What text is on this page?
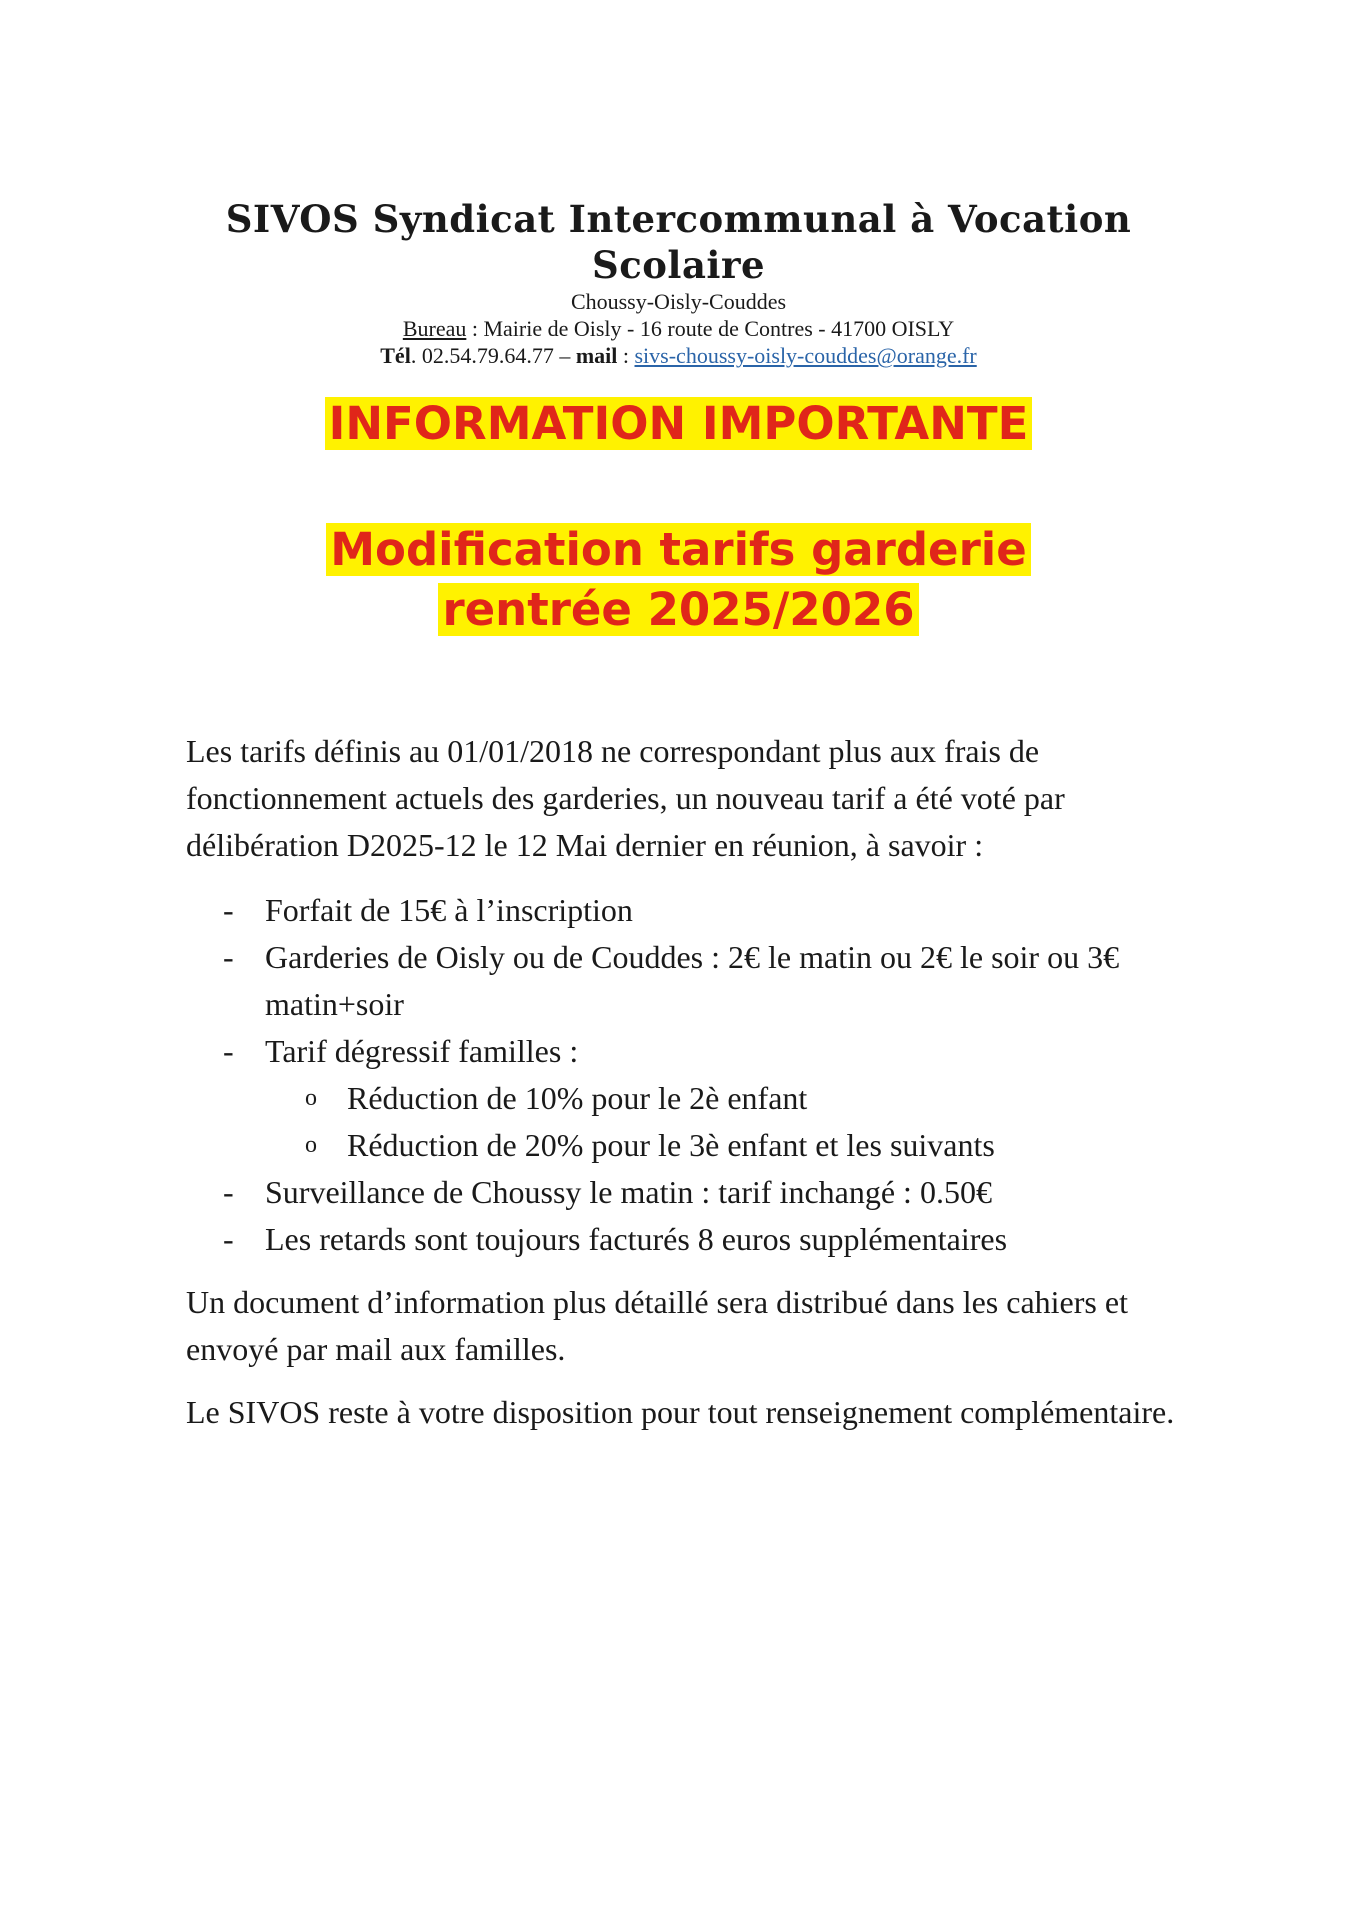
SIVOS Syndicat Intercommunal à Vocation
Scolaire
Choussy-Oisly-Couddes
Bureau : Mairie de Oisly - 16 route de Contres - 41700 OISLY
Tél. 02.54.79.64.77 – mail : sivs-choussy-oisly-couddes@orange.fr
INFORMATION IMPORTANTE
Modification tarifs garderie
rentrée 2025/2026

Les tarifs définis au 01/01/2018 ne correspondant plus aux frais de fonctionnement actuels des garderies, un nouveau tarif a été voté par délibération D2025-12 le 12 Mai dernier en réunion, à savoir :

- Forfait de 15€ à l’inscription
- Garderies de Oisly ou de Couddes : 2€ le matin ou 2€ le soir ou 3€ matin+soir
- Tarif dégressif familles :
o Réduction de 10% pour le 2è enfant
o Réduction de 20% pour le 3è enfant et les suivants
- Surveillance de Choussy le matin : tarif inchangé : 0.50€
- Les retards sont toujours facturés 8 euros supplémentaires

Un document d’information plus détaillé sera distribué dans les cahiers et envoyé par mail aux familles.

Le SIVOS reste à votre disposition pour tout renseignement complémentaire.
